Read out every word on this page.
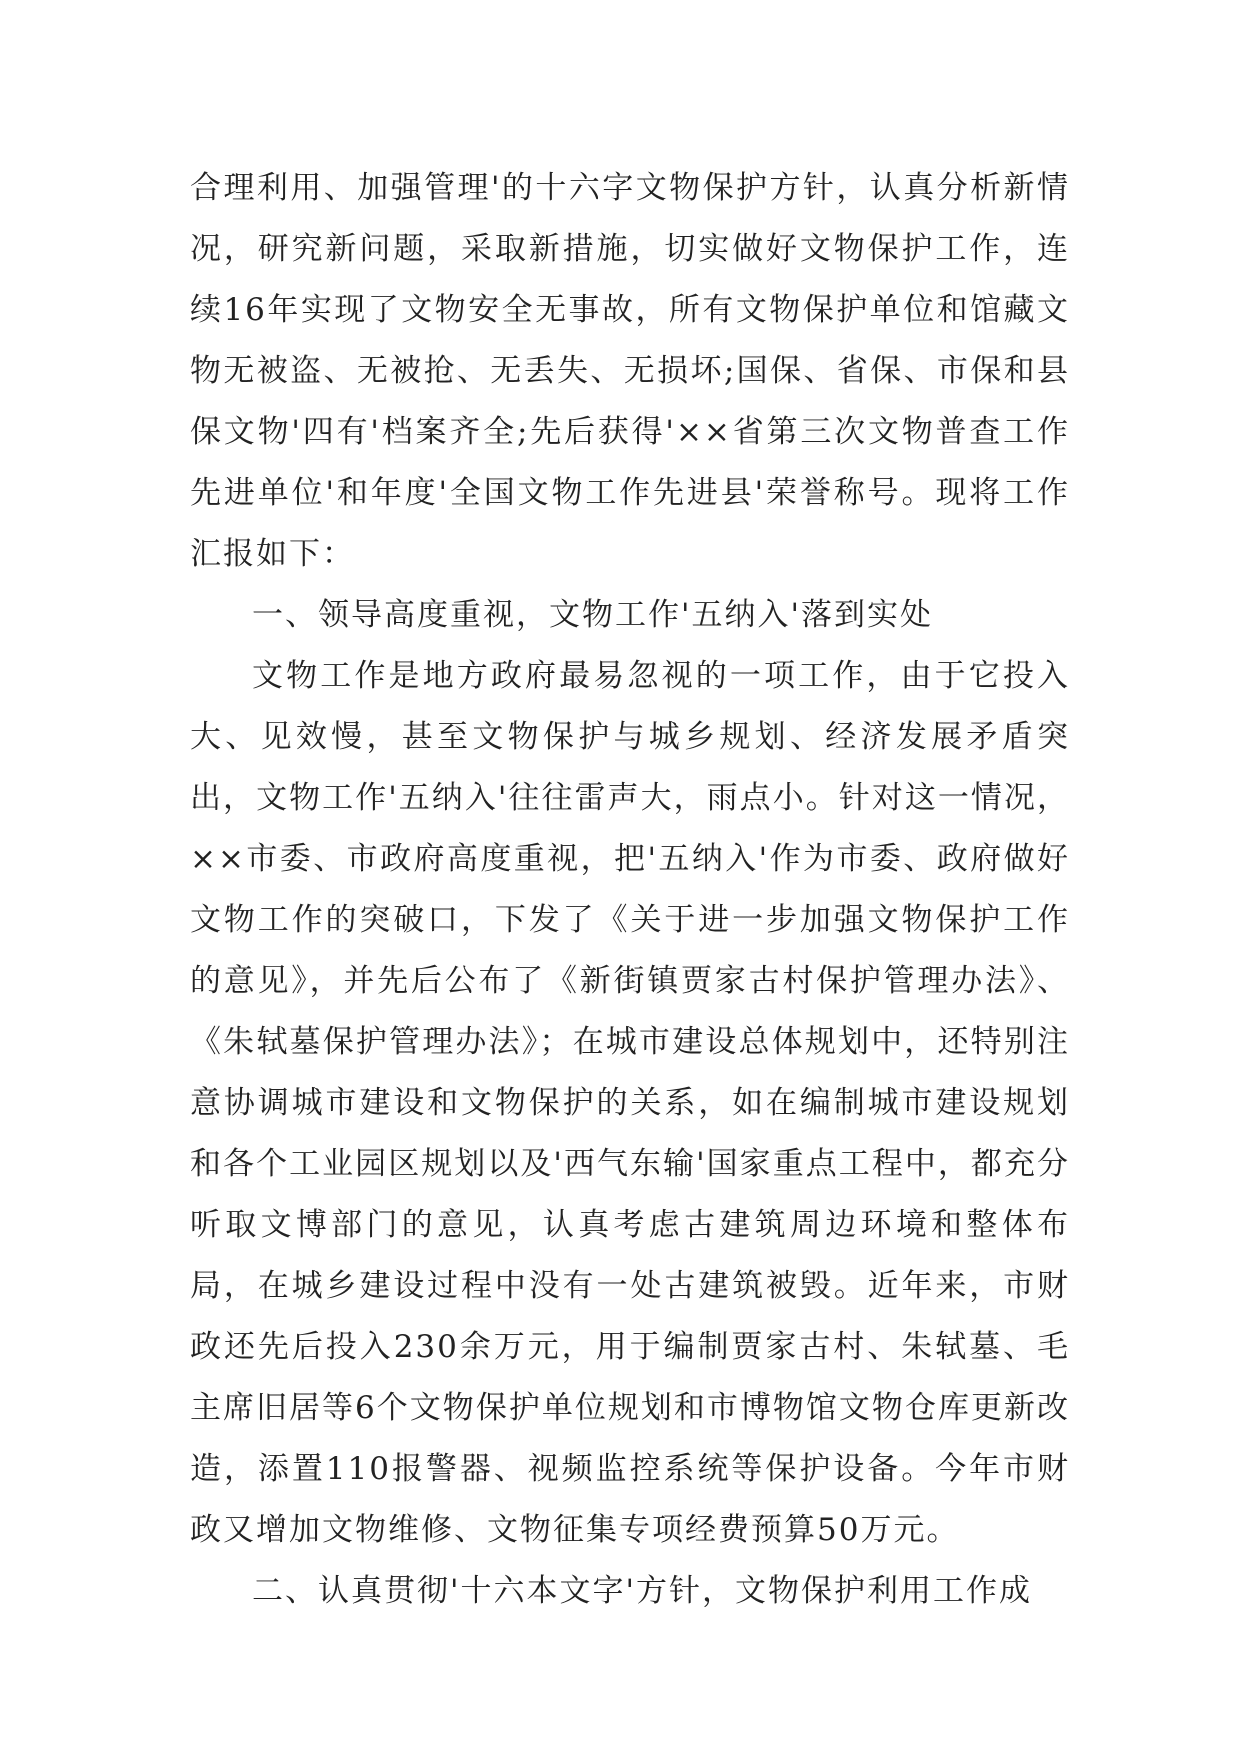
合理利用、加强管理'的十六字文物保护方针，认真分析新情况，研究新问题，采取新措施，切实做好文物保护工作，连续16年实现了文物安全无事故，所有文物保护单位和馆藏文物无被盗、无被抢、无丢失、无损坏;国保、省保、市保和县保文物'四有'档案齐全;先后获得'××省第三次文物普查工作先进单位'和年度'全国文物工作先进县'荣誉称号。现将工作汇报如下：

一、领导高度重视，文物工作'五纳入'落到实处

文物工作是地方政府最易忽视的一项工作，由于它投入大、见效慢，甚至文物保护与城乡规划、经济发展矛盾突出，文物工作'五纳入'往往雷声大，雨点小。针对这一情况，××市委、市政府高度重视，把'五纳入'作为市委、政府做好文物工作的突破口，下发了《关于进一步加强文物保护工作的意见》，并先后公布了《新街镇贾家古村保护管理办法》、《朱轼墓保护管理办法》；在城市建设总体规划中，还特别注意协调城市建设和文物保护的关系，如在编制城市建设规划和各个工业园区规划以及'西气东输'国家重点工程中，都充分听取文博部门的意见，认真考虑古建筑周边环境和整体布局，在城乡建设过程中没有一处古建筑被毁。近年来，市财政还先后投入230余万元，用于编制贾家古村、朱轼墓、毛主席旧居等6个文物保护单位规划和市博物馆文物仓库更新改造，添置110报警器、视频监控系统等保护设备。今年市财政又增加文物维修、文物征集专项经费预算50万元。

二、认真贯彻'十六本文字'方针，文物保护利用工作成
